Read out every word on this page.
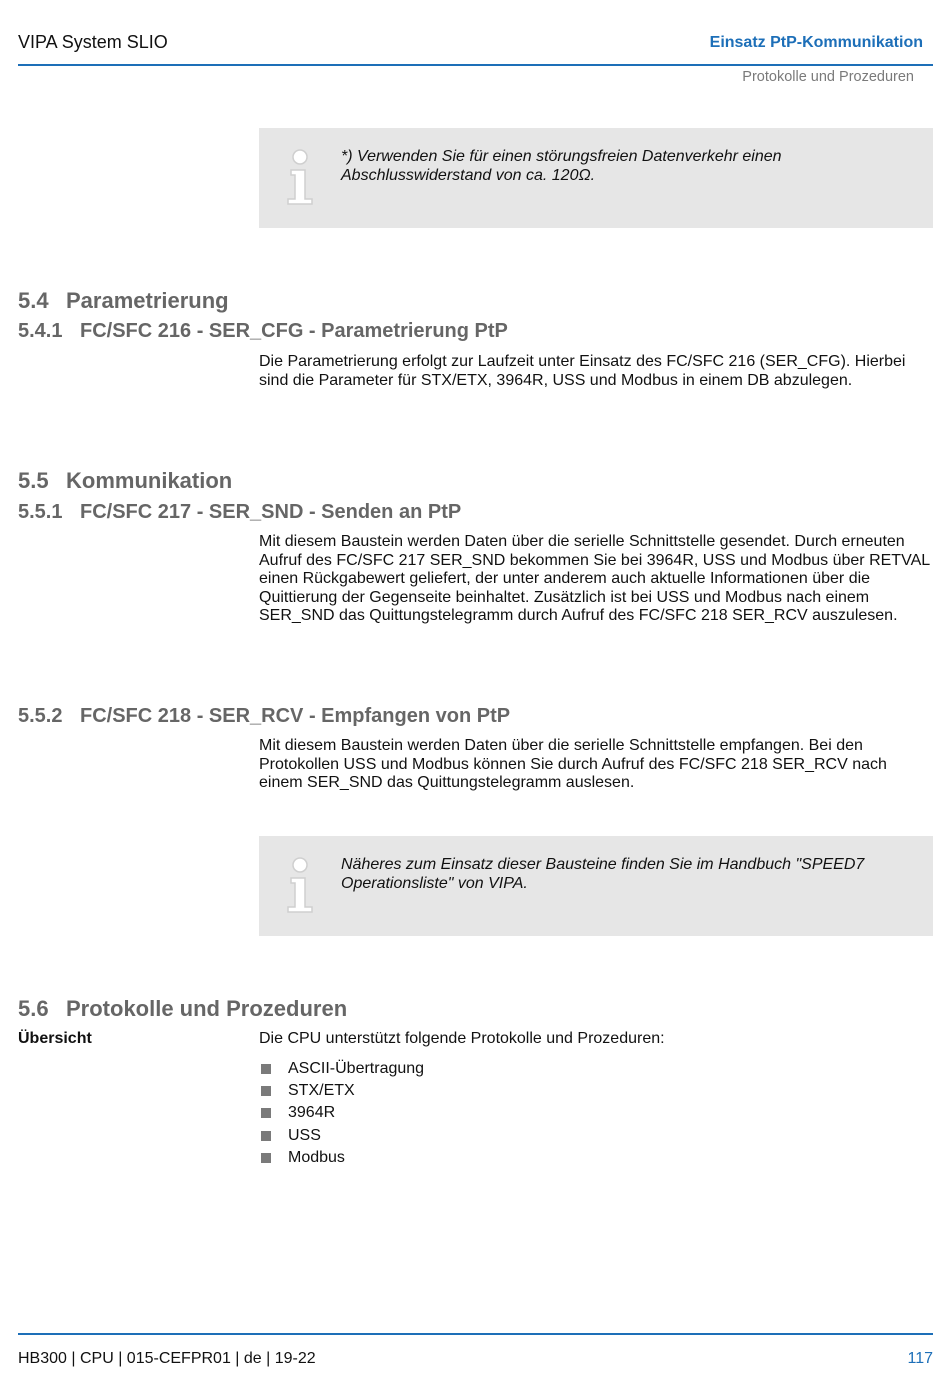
VIPA System SLIO	Einsatz PtP-Kommunikation
Protokolle und Prozeduren
*) Verwenden Sie für einen störungsfreien Datenverkehr einen Abschlusswiderstand von ca. 120Ω.
5.4 Parametrierung
5.4.1 FC/SFC 216 - SER_CFG - Parametrierung PtP
Die Parametrierung erfolgt zur Laufzeit unter Einsatz des FC/SFC 216 (SER_CFG). Hierbei sind die Parameter für STX/ETX, 3964R, USS und Modbus in einem DB abzulegen.
5.5 Kommunikation
5.5.1 FC/SFC 217 - SER_SND - Senden an PtP
Mit diesem Baustein werden Daten über die serielle Schnittstelle gesendet. Durch erneuten Aufruf des FC/SFC 217 SER_SND bekommen Sie bei 3964R, USS und Modbus über RETVAL einen Rückgabewert geliefert, der unter anderem auch aktuelle Informationen über die Quittierung der Gegenseite beinhaltet. Zusätzlich ist bei USS und Modbus nach einem SER_SND das Quittungstelegramm durch Aufruf des FC/SFC 218 SER_RCV auszulesen.
5.5.2 FC/SFC 218 - SER_RCV - Empfangen von PtP
Mit diesem Baustein werden Daten über die serielle Schnittstelle empfangen. Bei den Protokollen USS und Modbus können Sie durch Aufruf des FC/SFC 218 SER_RCV nach einem SER_SND das Quittungstelegramm auslesen.
Näheres zum Einsatz dieser Bausteine finden Sie im Handbuch "SPEED7 Operationsliste" von VIPA.
5.6 Protokolle und Prozeduren
Übersicht	Die CPU unterstützt folgende Protokolle und Prozeduren:
ASCII-Übertragung
STX/ETX
3964R
USS
Modbus
HB300 | CPU | 015-CEFPR01 | de | 19-22	117
